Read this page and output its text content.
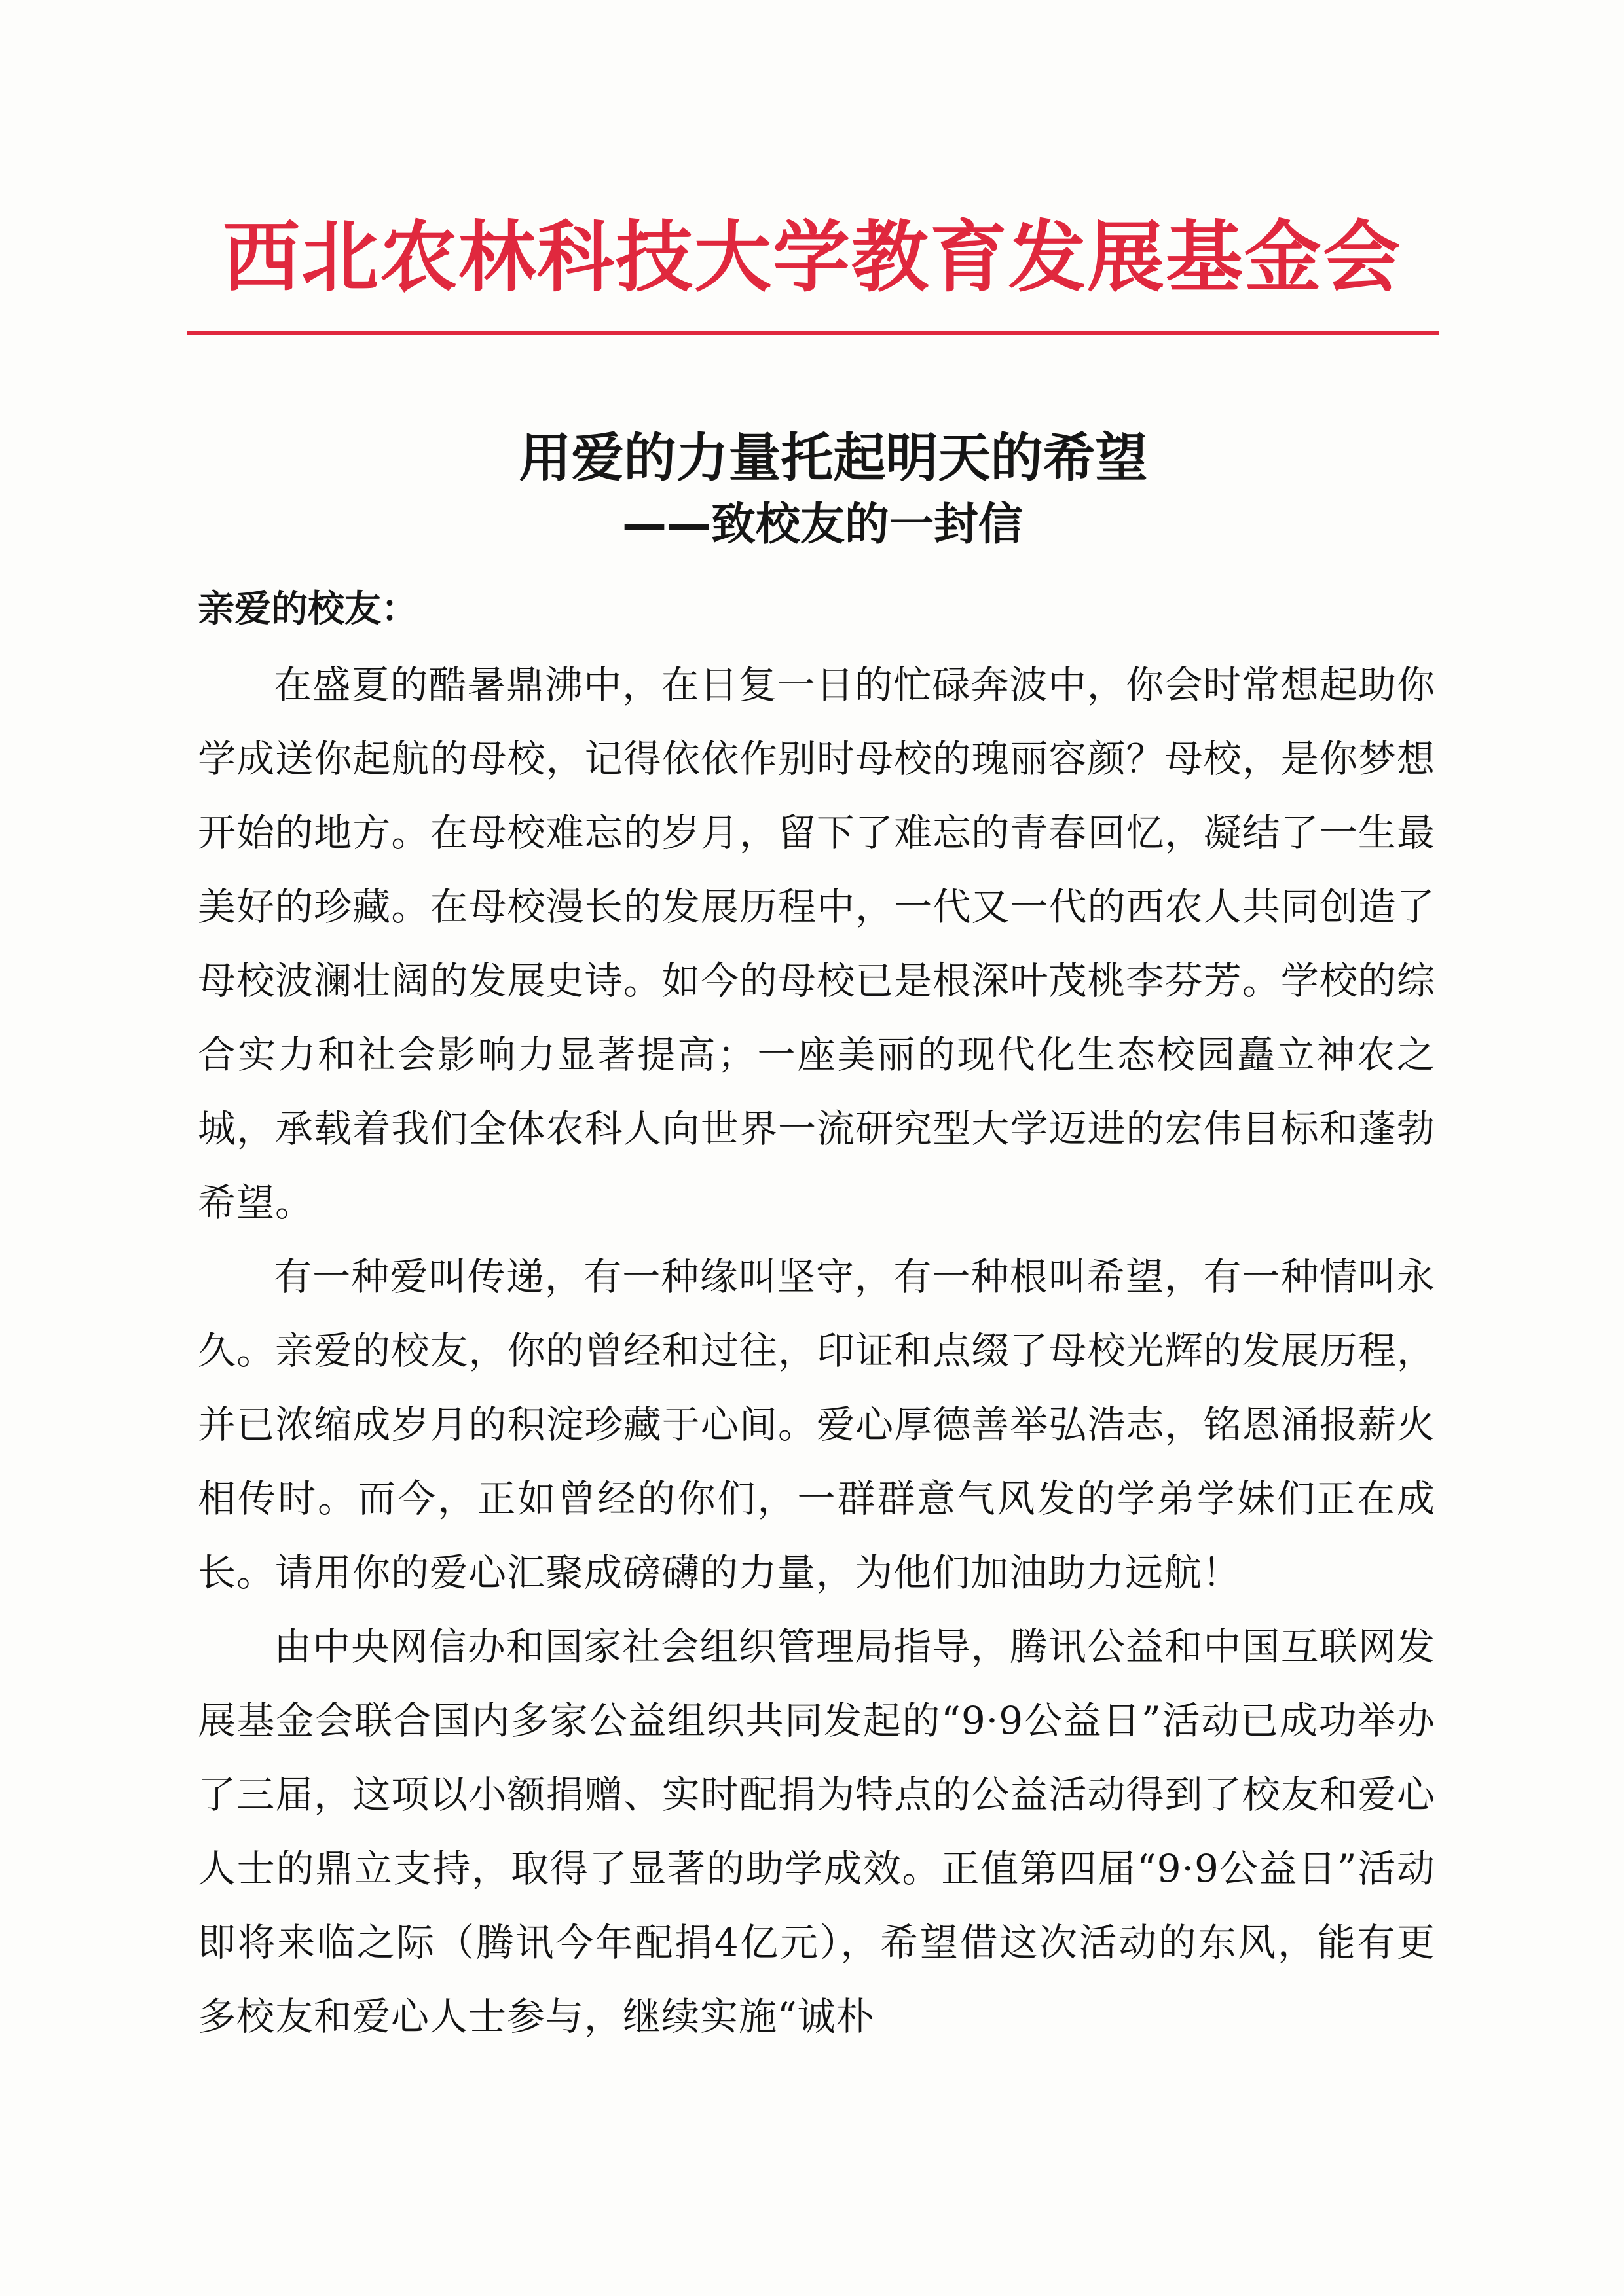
西北农林科技大学教育发展基金会
用爱的力量托起明天的希望
——致校友的一封信
亲爱的校友：

在盛夏的酷暑鼎沸中，在日复一日的忙碌奔波中，你会时常想起助你学成送你起航的母校，记得依依作别时母校的瑰丽容颜？母校，是你梦想开始的地方。在母校难忘的岁月，留下了难忘的青春回忆，凝结了一生最美好的珍藏。在母校漫长的发展历程中，一代又一代的西农人共同创造了母校波澜壮阔的发展史诗。如今的母校已是根深叶茂桃李芬芳。学校的综合实力和社会影响力显著提高；一座美丽的现代化生态校园矗立神农之城，承载着我们全体农科人向世界一流研究型大学迈进的宏伟目标和蓬勃希望。

有一种爱叫传递，有一种缘叫坚守，有一种根叫希望，有一种情叫永久。亲爱的校友，你的曾经和过往，印证和点缀了母校光辉的发展历程，并已浓缩成岁月的积淀珍藏于心间。爱心厚德善举弘浩志，铭恩涌报薪火相传时。而今，正如曾经的你们，一群群意气风发的学弟学妹们正在成长。请用你的爱心汇聚成磅礴的力量，为他们加油助力远航！

由中央网信办和国家社会组织管理局指导，腾讯公益和中国互联网发展基金会联合国内多家公益组织共同发起的“9·9公益日”活动已成功举办了三届，这项以小额捐赠、实时配捐为特点的公益活动得到了校友和爱心人士的鼎立支持，取得了显著的助学成效。正值第四届“9·9公益日”活动即将来临之际（腾讯今年配捐4亿元），希望借这次活动的东风，能有更多校友和爱心人士参与，继续实施“诚朴
